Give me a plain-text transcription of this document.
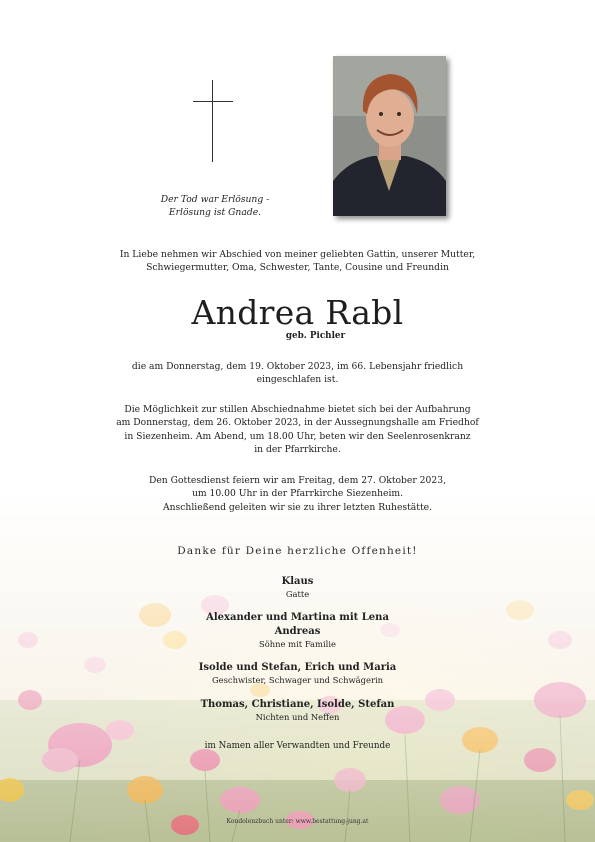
Der Tod war Erlösung -
Erlösung ist Gnade.
In Liebe nehmen wir Abschied von meiner geliebten Gattin, unserer Mutter,
Schwiegermutter, Oma, Schwester, Tante, Cousine und Freundin
Andrea Rabl
geb. Pichler
die am Donnerstag, dem 19. Oktober 2023, im 66. Lebensjahr friedlich
eingeschlafen ist.
Die Möglichkeit zur stillen Abschiednahme bietet sich bei der Aufbahrung
am Donnerstag, dem 26. Oktober 2023, in der Aussegnungshalle am Friedhof
in Siezenheim. Am Abend, um 18.00 Uhr, beten wir den Seelenrosenkranz
in der Pfarrkirche.
Den Gottesdienst feiern wir am Freitag, dem 27. Oktober 2023,
um 10.00 Uhr in der Pfarrkirche Siezenheim.
Anschließend geleiten wir sie zu ihrer letzten Ruhestätte.
Danke für Deine herzliche Offenheit!
Klaus
Gatte
Alexander und Martina mit Lena
Andreas
Söhne mit Familie
Isolde und Stefan, Erich und Maria
Geschwister, Schwager und Schwägerin
Thomas, Christiane, Isolde, Stefan
Nichten und Neffen
im Namen aller Verwandten und Freunde
Kondolenzbuch unter: www.bestattung-jung.at
